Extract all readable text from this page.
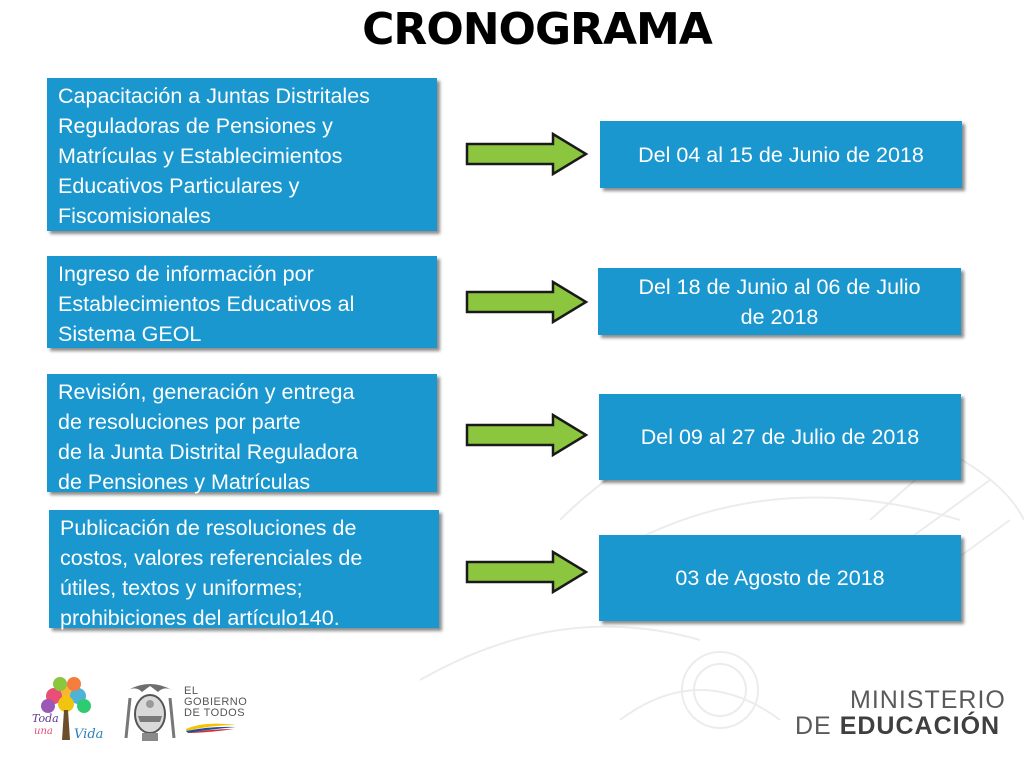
CRONOGRAMA
Capacitación a Juntas Distritales
Reguladoras de Pensiones y
Matrículas y Establecimientos
Educativos Particulares y
Fiscomisionales
Del 04 al 15 de Junio de 2018
Ingreso de información por
Establecimientos Educativos al
Sistema GEOL
Del 18 de Junio al 06 de Julio
de 2018
Revisión, generación y entrega
de resoluciones por parte
de la Junta Distrital Reguladora
de Pensiones y Matrículas
Del 09 al 27 de Julio de 2018
Publicación de resoluciones de
costos, valores referenciales de
útiles, textos y uniformes;
prohibiciones del artículo140.
03 de Agosto de 2018
Toda
una Vida
EL
GOBIERNO
DE TODOS	MINISTERIO
DE EDUCACIÓN
